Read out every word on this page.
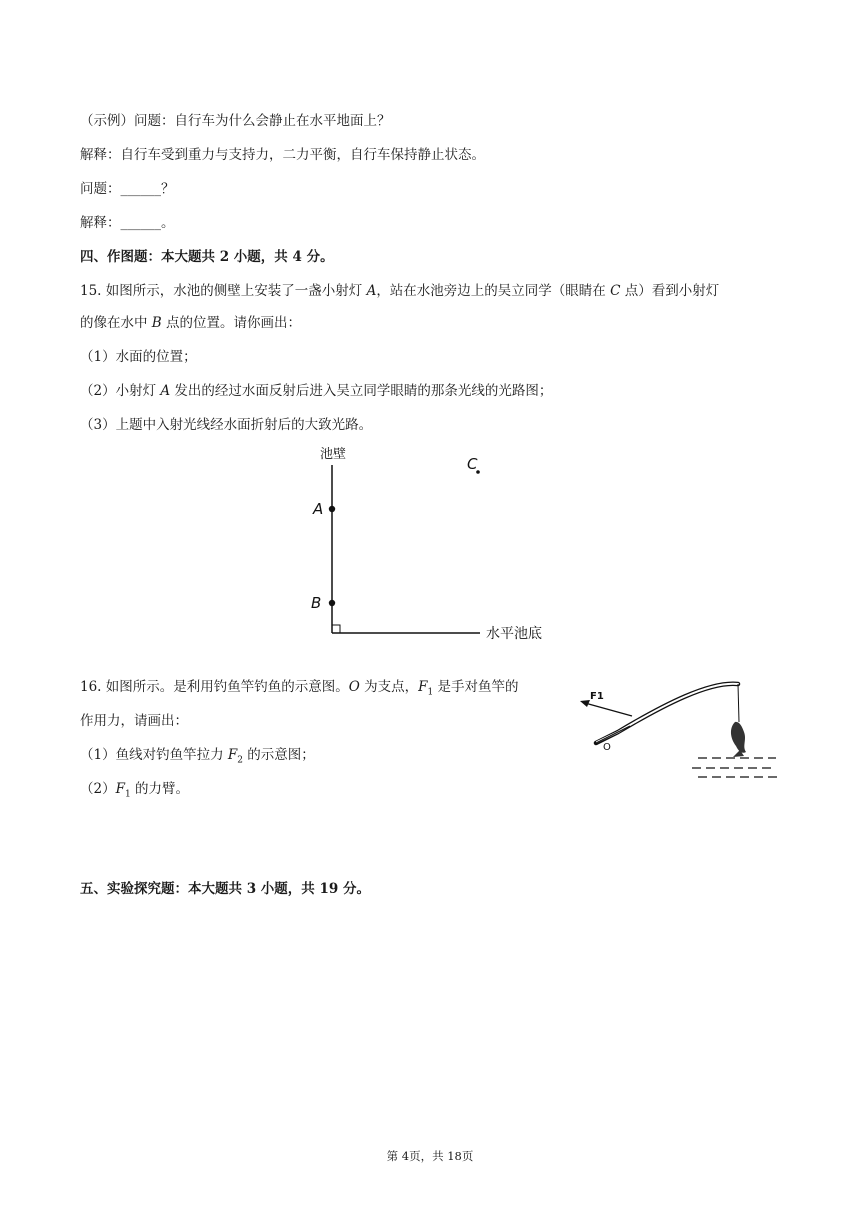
（示例）问题：自行车为什么会静止在水平地面上？
解释：自行车受到重力与支持力，二力平衡，自行车保持静止状态。
问题：______？
解释：______。
四、作图题：本大题共 2 小题，共 4 分。
15. 如图所示，水池的侧壁上安装了一盏小射灯 A，站在水池旁边上的吴立同学（眼睛在 C 点）看到小射灯
的像在水中 B 点的位置。请你画出：
（1）水面的位置；
（2）小射灯 A 发出的经过水面反射后进入吴立同学眼睛的那条光线的光路图；
（3）上题中入射光线经水面折射后的大致光路。
池壁
A
B
C
水平池底
16. 如图所示。是利用钓鱼竿钓鱼的示意图。O 为支点，$F_1$ 是手对鱼竿的
作用力，请画出：
（1）鱼线对钓鱼竿拉力 $F_2$ 的示意图；
$(2)F_1$ 的力臂。
F1
O
五、实验探究题：本大题共 3 小题，共 19 分。
第 4页，共 18页
